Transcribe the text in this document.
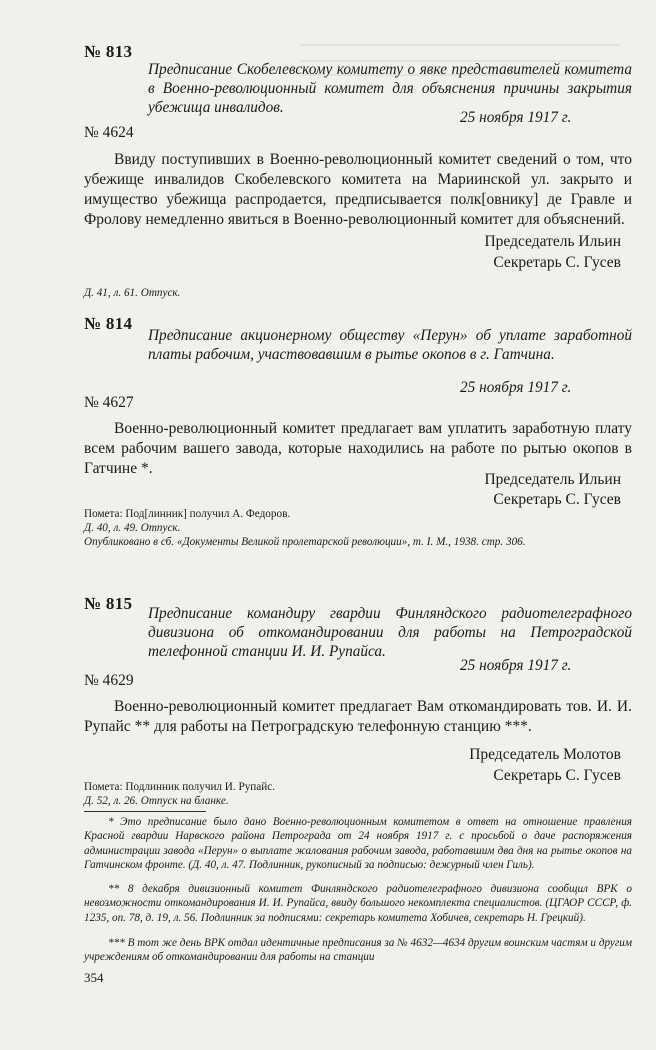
№ 813
Предписание Скобелевскому комитету о явке представителей комитета в Военно-революционный комитет для объяснения причины закрытия убежища инвалидов.
25 ноября 1917 г.
№ 4624
Ввиду поступивших в Военно-революционный комитет сведений о том, что убежище инвалидов Скобелевского комитета на Мариинской ул. закрыто и имущество убежища распродается, предписывается полк[овнику] де Гравле и Фролову немедленно явиться в Военно-революционный комитет для объяснений.
Председатель Ильин
Секретарь С. Гусев
Д. 41, л. 61. Отпуск.
№ 814
Предписание акционерному обществу «Перун» об уплате заработной платы рабочим, участвовавшим в рытье окопов в г. Гатчина.
25 ноября 1917 г.
№ 4627
Военно-революционный комитет предлагает вам уплатить заработную плату всем рабочим вашего завода, которые находились на работе по рытью окопов в Гатчине *.
Председатель Ильин
Секретарь С. Гусев
Помета: Под[линник] получил А. Федоров.
Д. 40, л. 49. Отпуск.
Опубликовано в сб. «Документы Великой пролетарской революции», т. I. М., 1938. стр. 306.
№ 815
Предписание командиру гвардии Финляндского радиотелеграфного дивизиона об откомандировании для работы на Петроградской телефонной станции И. И. Рупайса.
25 ноября 1917 г.
№ 4629
Военно-революционный комитет предлагает Вам откомандировать тов. И. И. Рупайс ** для работы на Петроградскую телефонную станцию ***.
Председатель Молотов
Секретарь С. Гусев
Помета: Подлинник получил И. Рупайс.
Д. 52, л. 26. Отпуск на бланке.
* Это предписание было дано Военно-революционным комитетом в ответ на отношение правления Красной гвардии Нарвского района Петрограда от 24 ноября 1917 г. с просьбой о даче распоряжения администрации завода «Перун» о выплате жалования рабочим завода, работавшим два дня на рытье окопов на Гатчинском фронте. (Д. 40, л. 47. Подлинник, рукописный за подписью: дежурный член Гиль).
** 8 декабря дивизионный комитет Финляндского радиотелеграфного дивизиона сообщил ВРК о невозможности откомандирования И. И. Рупайса, ввиду большого некомплекта специалистов. (ЦГАОР СССР, ф. 1235, оп. 78, д. 19, л. 56. Подлинник за подписями: секретарь комитета Хобичев, секретарь Н. Грецкий).
*** В тот же день ВРК отдал идентичные предписания за № 4632—4634 другим воинским частям и другим учреждениям об откомандировании для работы на станции
354
